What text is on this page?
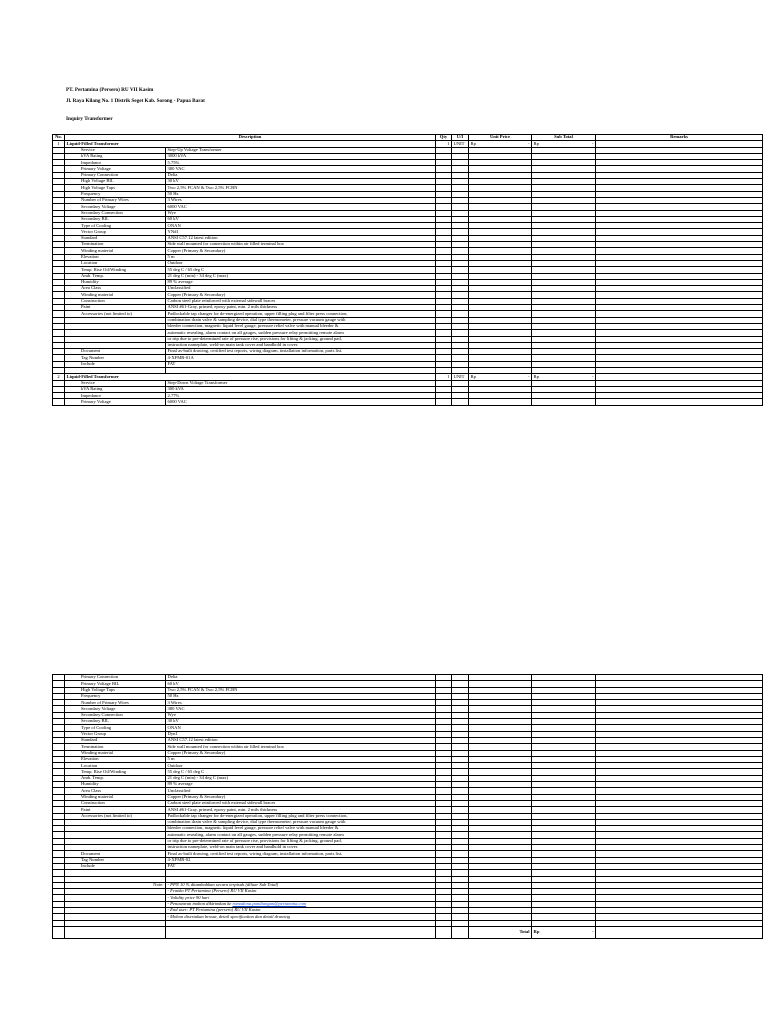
PT. Pertamina (Persero) RU VII Kasim
Jl. Raya Kilang No. 1 Distrik Seget Kab. Sorong - Papua Barat
Inquiry Transformer
No.	Description		Qty	U/I	Unit Price	Sub Total	Remarks
1	Liquid-Filled Transformer		1	UNIT	Rp -	Rp -	

	Service	Step-Up Voltage Transformer					
	kVA Rating	3000 kVA					
	Impedance	5.75%					
	Primary Voltage	380 VAC					
	Primary Connection	Delta					
	High Voltage BIL	30 kV					
	High Voltage Taps	Two 2,5% FCAN & Two 2,5% FCBN					
	Frequency	50 Hz					
	Number of Primary Wires	3 Wires					
	Secondary Voltage	6000 VAC					
	Secondary Connection	Wye					
	Secondary BIL	60 kV					
	Type of Cooling	ONAN					
	Vector Group	YNd1					
	Standard	ANSI C57.12 latest edition					
	Termination	Side wall mounted for connection within air filled terminal box					
	Winding material	Copper (Primary & Secondary)					
	Elevation	5 m					
	Location	Outdoor					
	Temp. Rise Oil/Winding	55 deg C / 65 deg C					
	Amb. Temp.	21 deg C (min) - 34 deg C (max)					
	Humidity	89 % average					
	Area Class	Unclassified					
	Winding material	Copper (Primary & Secondary)					
	Construction	Carbon steel plate reinforced with external sidewall braces					
	Paint	ANSI #61-Gray, primed, epoxy paint, min. 2 mils thickness					
	Accessories (not limited to)	Padlockable tap changer for de-energized operation, upper filling plug and filter press connection,					
		combination drain valve & sampling device, dial type thermometer, pressure vacuum gauge with					
		bleeder connection, magnetic liquid level gauge, pressure relief valve with manual bleeder &					
		automatic resealing, alarm contact on all gauges, sudden pressure relay permitting remote alarm					
		or trip due to pre-determined rate of pressure rise, provisions for lifting & jacking, ground pad,					
		instruction nameplate, weld-on main tank cover and handhold in cover.					
	Document	Final as-built drawing, certified test reports, wiring diagram, installation information, parts list.					
	Tag Number	4-XFMR-01A					
	Include	FAT					

2	Liquid-Filled Transformer		1	UNIT	Rp -	Rp -	

	Service	Step-Down Voltage Transformer					
	kVA Rating	300 kVA					
	Impedance	2.77%					
	Primary Voltage	6000 VAC					
	Primary Connection	Delta					
	Primary Voltage BIL	60 kV					
	High Voltage Taps	Two 2,5% FCAN & Two 2,5% FCBN					
	Frequency	50 Hz					
	Number of Primary Wires	3 Wires					
	Secondary Voltage	380 VAC					
	Secondary Connection	Wye					
	Secondary BIL	30 kV					
	Type of Cooling	ONAN					
	Vector Group	Dyn1					
	Standard	ANSI C57.12 latest edition					
	Termination	Side wall mounted for connection within air filled terminal box					
	Winding material	Copper (Primary & Secondary)					
	Elevation	5 m					
	Location	Outdoor					
	Temp. Rise Oil/Winding	55 deg C / 65 deg C					
	Amb. Temp.	21 deg C (min) - 34 deg C (max)					
	Humidity	89 % average					
	Area Class	Unclassified					
	Winding material	Copper (Primary & Secondary)					
	Construction	Carbon steel plate reinforced with external sidewall braces					
	Paint	ANSI #61-Gray, primed, epoxy paint, min. 2 mils thickness					
	Accessories (not limited to)	Padlockable tap changer for de-energized operation, upper filling plug and filter press connection,					
		combination drain valve & sampling device, dial type thermometer, pressure vacuum gauge with					
		bleeder connection, magnetic liquid level gauge, pressure relief valve with manual bleeder &					
		automatic resealing, alarm contact on all gauges, sudden pressure relay permitting remote alarm					
		or trip due to pre-determined rate of pressure rise, provisions for lifting & jacking, ground pad,					
		instruction nameplate, weld-on main tank cover and handhold in cover.					
	Document	Final as-built drawing, certified test reports, wiring diagram, installation information, parts list.					
	Tag Number	4-XFMR-02					
	Include	FAT					

	Note:	- PPN 10 % ditambahkan secara terpisah (diluar Sub Total)					
		- Franko PT Pertamina (Persero) RU VII Kasim					
		- Validity price 90 hari					
		- Penawaran mohon dikirimkan ke romadona.pandiangan@pertamina.com					
		- End user: PT Pertamina (persero) RU VII Kasim					
		- Mohon disertakan brosur, detail specification dan detail drawing					

					Total	Rp -	
